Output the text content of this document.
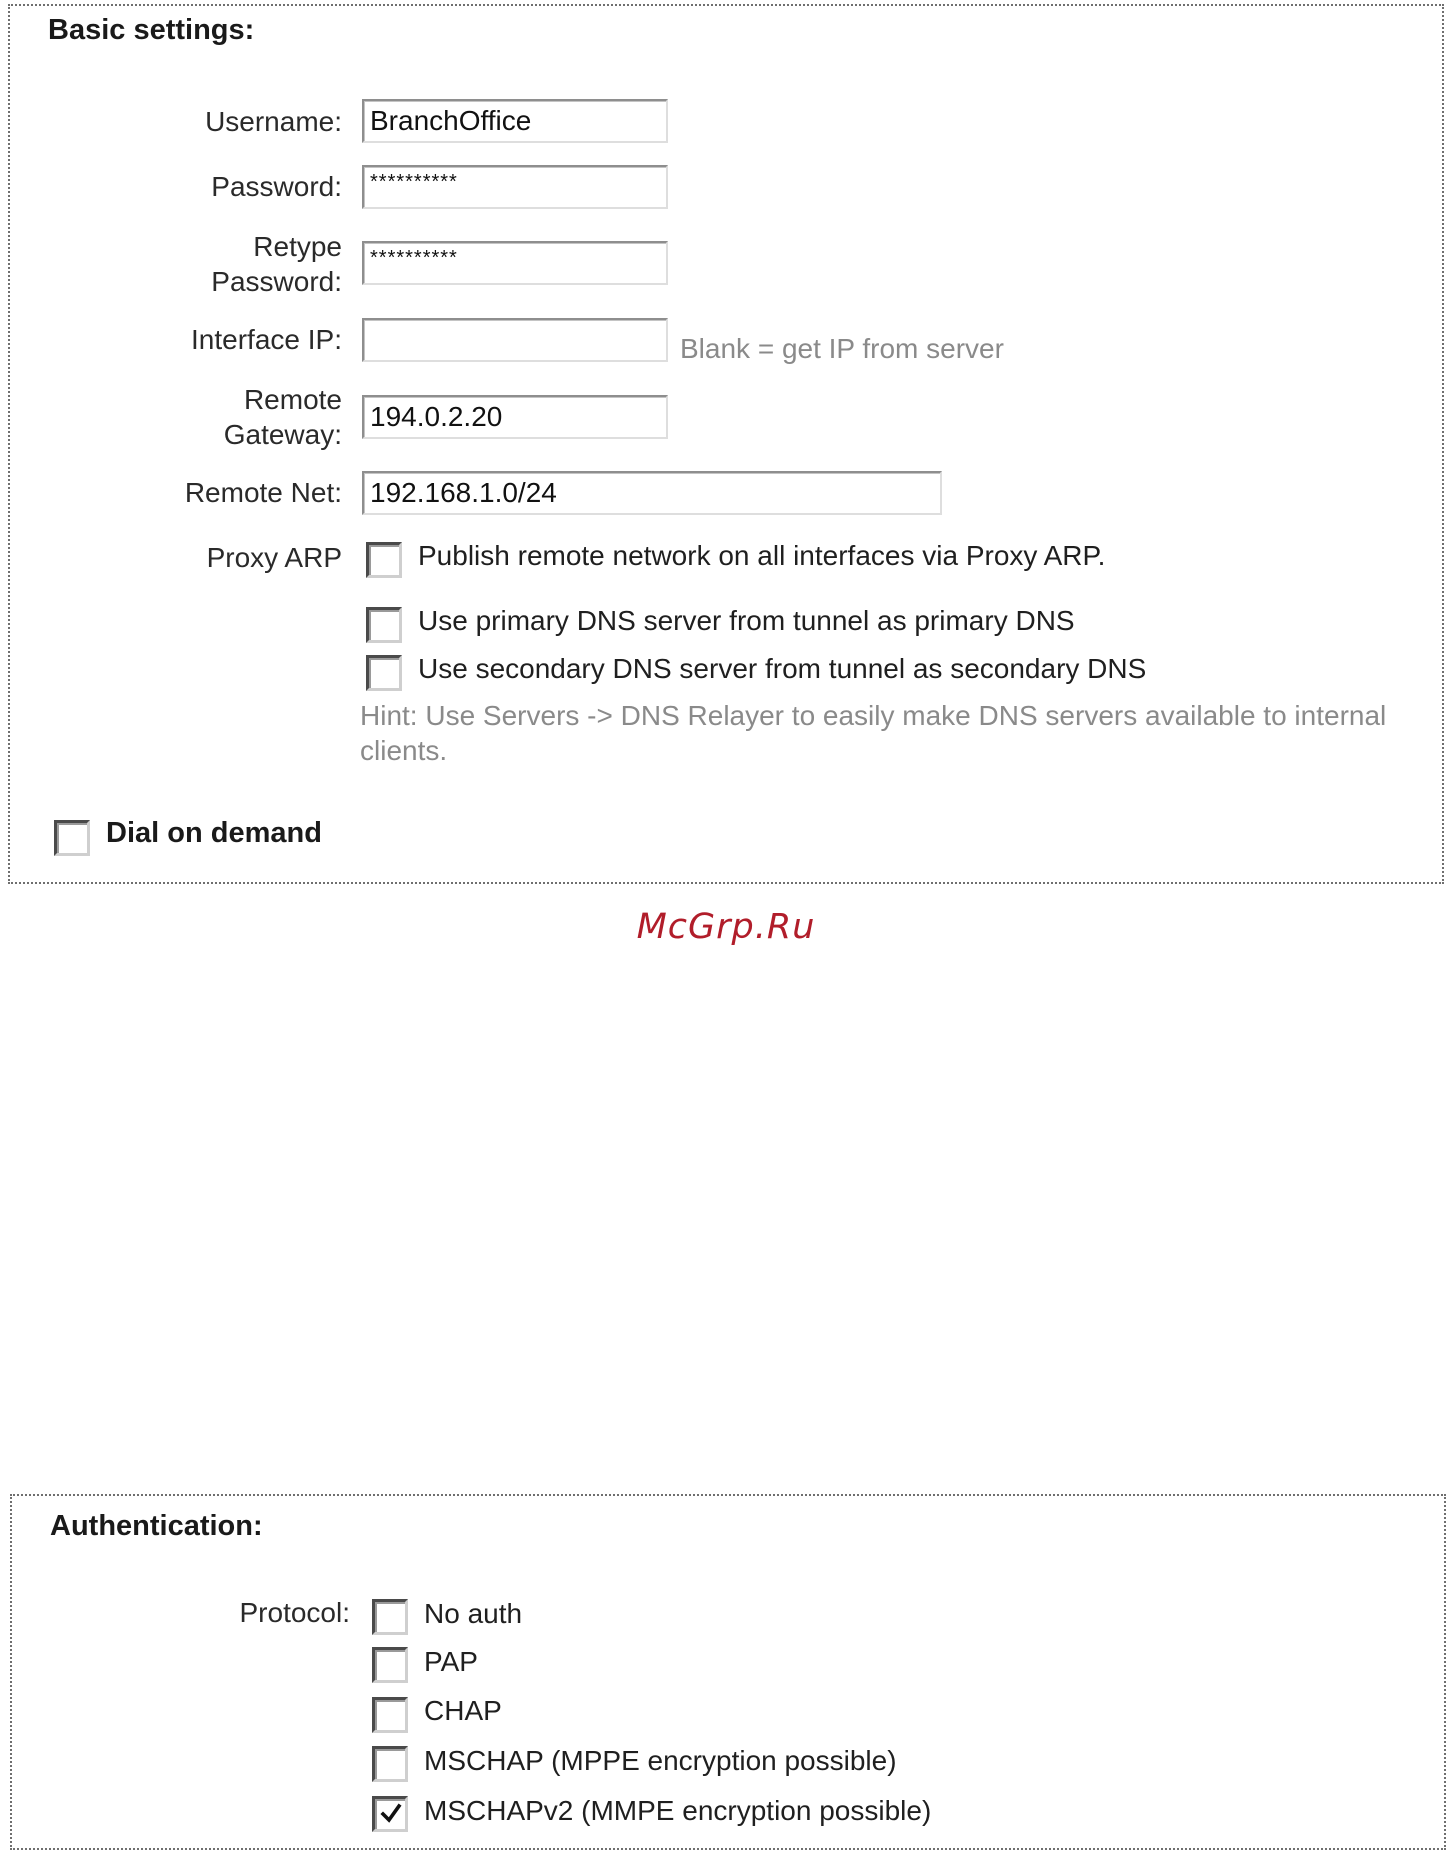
Basic settings:
Username: BranchOffice
Password:	**********
Retype
Password:
**********
Interface IP:	Blank = get IP from server
Remote
Gateway:
194.0.2.20
Remote Net: 192.168.1.0/24
Proxy ARP	Publish remote network on all interfaces via Proxy ARP.
Use primary DNS server from tunnel as primary DNS
Use secondary DNS server from tunnel as secondary DNS
Hint: Use Servers -> DNS Relayer to easily make DNS servers available to internal
clients.
Dial on demand
McGrp.Ru
Authentication:
Protocol:	No auth
PAP
CHAP
MSCHAP (MPPE encryption possible)
MSCHAPv2 (MMPE encryption possible)
